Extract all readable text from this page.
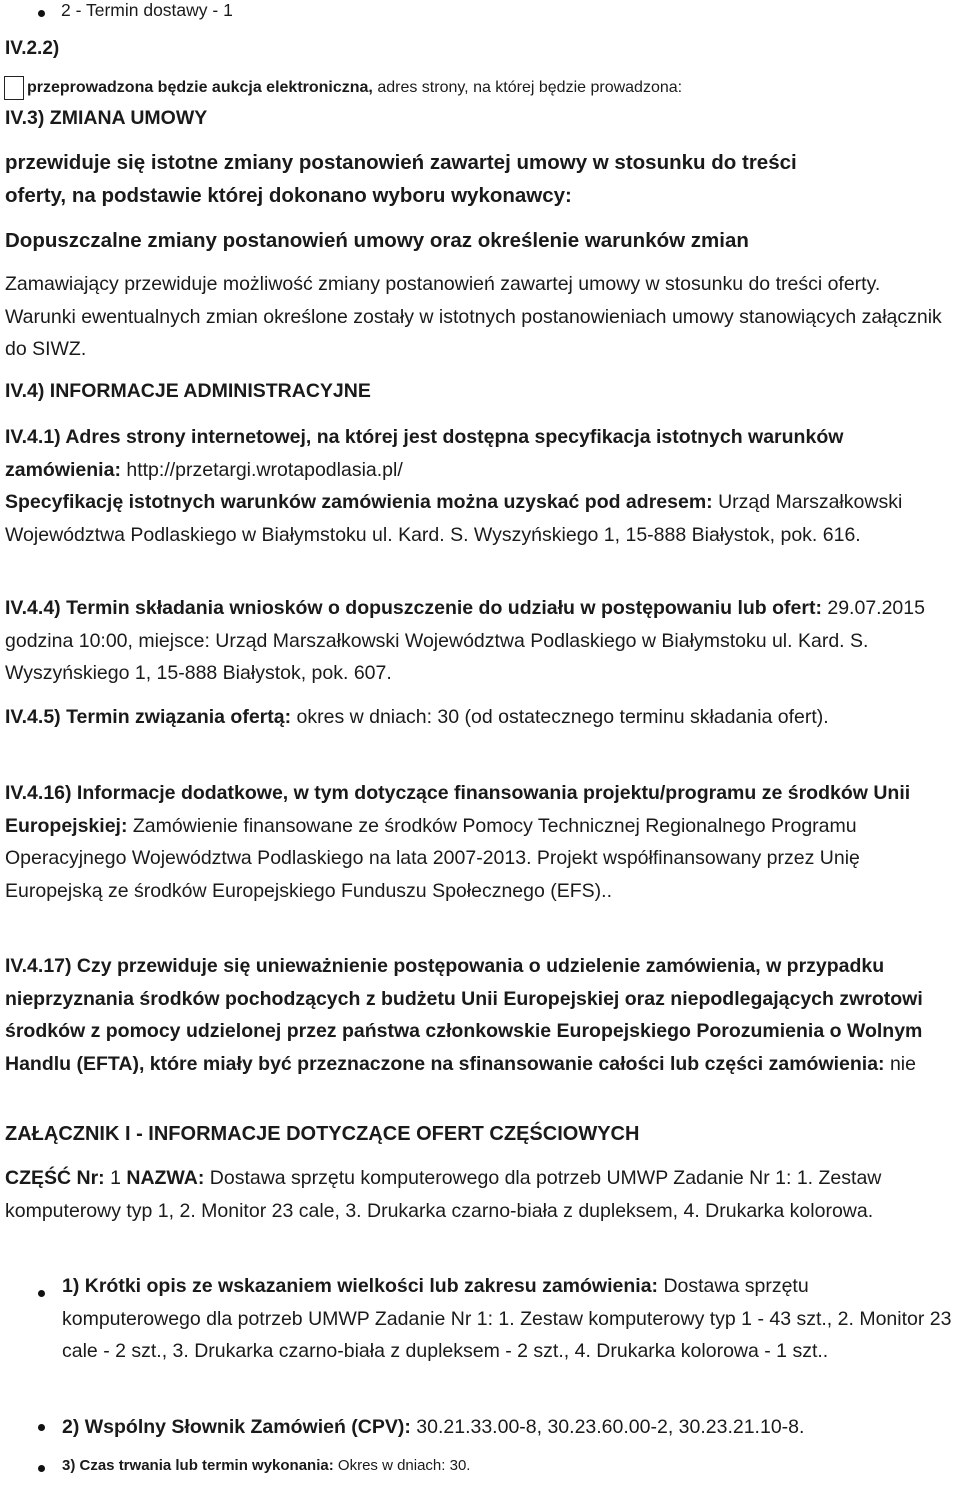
2 - Termin dostawy - 1
IV.2.2)
przeprowadzona będzie aukcja elektroniczna, adres strony, na której będzie prowadzona:
IV.3) ZMIANA UMOWY
przewiduje się istotne zmiany postanowień zawartej umowy w stosunku do treści
oferty, na podstawie której dokonano wyboru wykonawcy:
Dopuszczalne zmiany postanowień umowy oraz określenie warunków zmian
Zamawiający przewiduje możliwość zmiany postanowień zawartej umowy w stosunku do treści oferty. Warunki ewentualnych zmian określone zostały w istotnych postanowieniach umowy stanowiących załącznik do SIWZ.
IV.4) INFORMACJE ADMINISTRACYJNE
IV.4.1) Adres strony internetowej, na której jest dostępna specyfikacja istotnych warunków zamówienia: http://przetargi.wrotapodlasia.pl/
Specyfikację istotnych warunków zamówienia można uzyskać pod adresem: Urząd Marszałkowski Województwa Podlaskiego w Białymstoku ul. Kard. S. Wyszyńskiego 1, 15-888 Białystok, pok. 616.
IV.4.4) Termin składania wniosków o dopuszczenie do udziału w postępowaniu lub ofert: 29.07.2015 godzina 10:00, miejsce: Urząd Marszałkowski Województwa Podlaskiego w Białymstoku ul. Kard. S. Wyszyńskiego 1, 15-888 Białystok, pok. 607.
IV.4.5) Termin związania ofertą: okres w dniach: 30 (od ostatecznego terminu składania ofert).
IV.4.16) Informacje dodatkowe, w tym dotyczące finansowania projektu/programu ze środków Unii Europejskiej: Zamówienie finansowane ze środków Pomocy Technicznej Regionalnego Programu Operacyjnego Województwa Podlaskiego na lata 2007-2013. Projekt współfinansowany przez Unię Europejską ze środków Europejskiego Funduszu Społecznego (EFS)..
IV.4.17) Czy przewiduje się unieważnienie postępowania o udzielenie zamówienia, w przypadku nieprzyznania środków pochodzących z budżetu Unii Europejskiej oraz niepodlegających zwrotowi środków z pomocy udzielonej przez państwa członkowskie Europejskiego Porozumienia o Wolnym Handlu (EFTA), które miały być przeznaczone na sfinansowanie całości lub części zamówienia: nie
ZAŁĄCZNIK I - INFORMACJE DOTYCZĄCE OFERT CZĘŚCIOWYCH
CZĘŚĆ Nr: 1 NAZWA: Dostawa sprzętu komputerowego dla potrzeb UMWP Zadanie Nr 1: 1. Zestaw komputerowy typ 1, 2. Monitor 23 cale, 3. Drukarka czarno-biała z dupleksem, 4. Drukarka kolorowa.
1) Krótki opis ze wskazaniem wielkości lub zakresu zamówienia: Dostawa sprzętu komputerowego dla potrzeb UMWP Zadanie Nr 1: 1. Zestaw komputerowy typ 1 - 43 szt., 2. Monitor 23 cale - 2 szt., 3. Drukarka czarno-biała z dupleksem - 2 szt., 4. Drukarka kolorowa - 1 szt..
2) Wspólny Słownik Zamówień (CPV): 30.21.33.00-8, 30.23.60.00-2, 30.23.21.10-8.
3) Czas trwania lub termin wykonania: Okres w dniach: 30.
